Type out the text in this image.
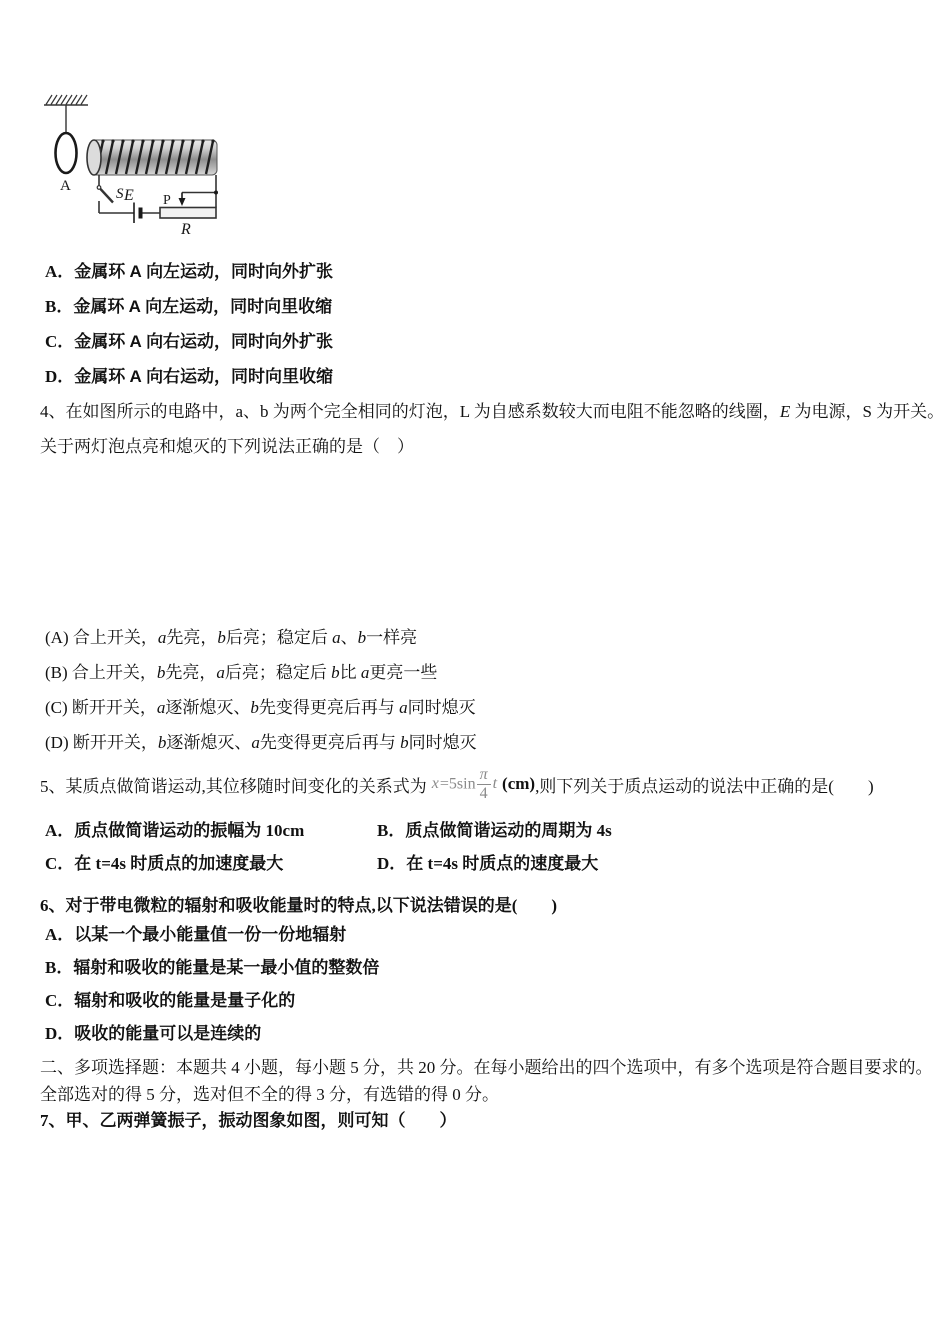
A	S E P
R
A．金属环 A 向左运动，同时向外扩张
B．金属环 A 向左运动，同时向里收缩
C．金属环 A 向右运动，同时向外扩张
D．金属环 A 向右运动，同时向里收缩
4、在如图所示的电路中，a、b 为两个完全相同的灯泡，L 为自感系数较大而电阻不能忽略的线圈，E 为电源，S 为开关。
关于两灯泡点亮和熄灭的下列说法正确的是（　）
(A) 合上开关，a先亮，b后亮；稳定后 a、b一样亮
(B) 合上开关，b先亮，a后亮；稳定后 b比 a更亮一些
(C) 断开开关，a逐渐熄灭、b先变得更亮后再与 a同时熄灭
(D) 断开开关，b逐渐熄灭、a先变得更亮后再与 b同时熄灭
5、某质点做简谐运动,其位移随时间变化的关系式为 $x=5\sin \frac{\pi}{4}$ t (cm) ,则下列关于质点运动的说法中正确的是(　　)
A．质点做简谐运动的振幅为 10cm
C．在 t=4s 时质点的加速度最大
B．质点做简谐运动的周期为 4s
D．在 t=4s 时质点的速度最大
6、对于带电微粒的辐射和吸收能量时的特点,以下说法错误的是(　　)
A．以某一个最小能量值一份一份地辐射
B．辐射和吸收的能量是某一最小值的整数倍
C．辐射和吸收的能量是量子化的
D．吸收的能量可以是连续的
二、多项选择题：本题共 4 小题，每小题 5 分，共 20 分。在每小题给出的四个选项中，有多个选项是符合题目要求的。
全部选对的得 5 分，选对但不全的得 3 分，有选错的得 0 分。
7、甲、乙两弹簧振子，振动图象如图，则可知（　　）
